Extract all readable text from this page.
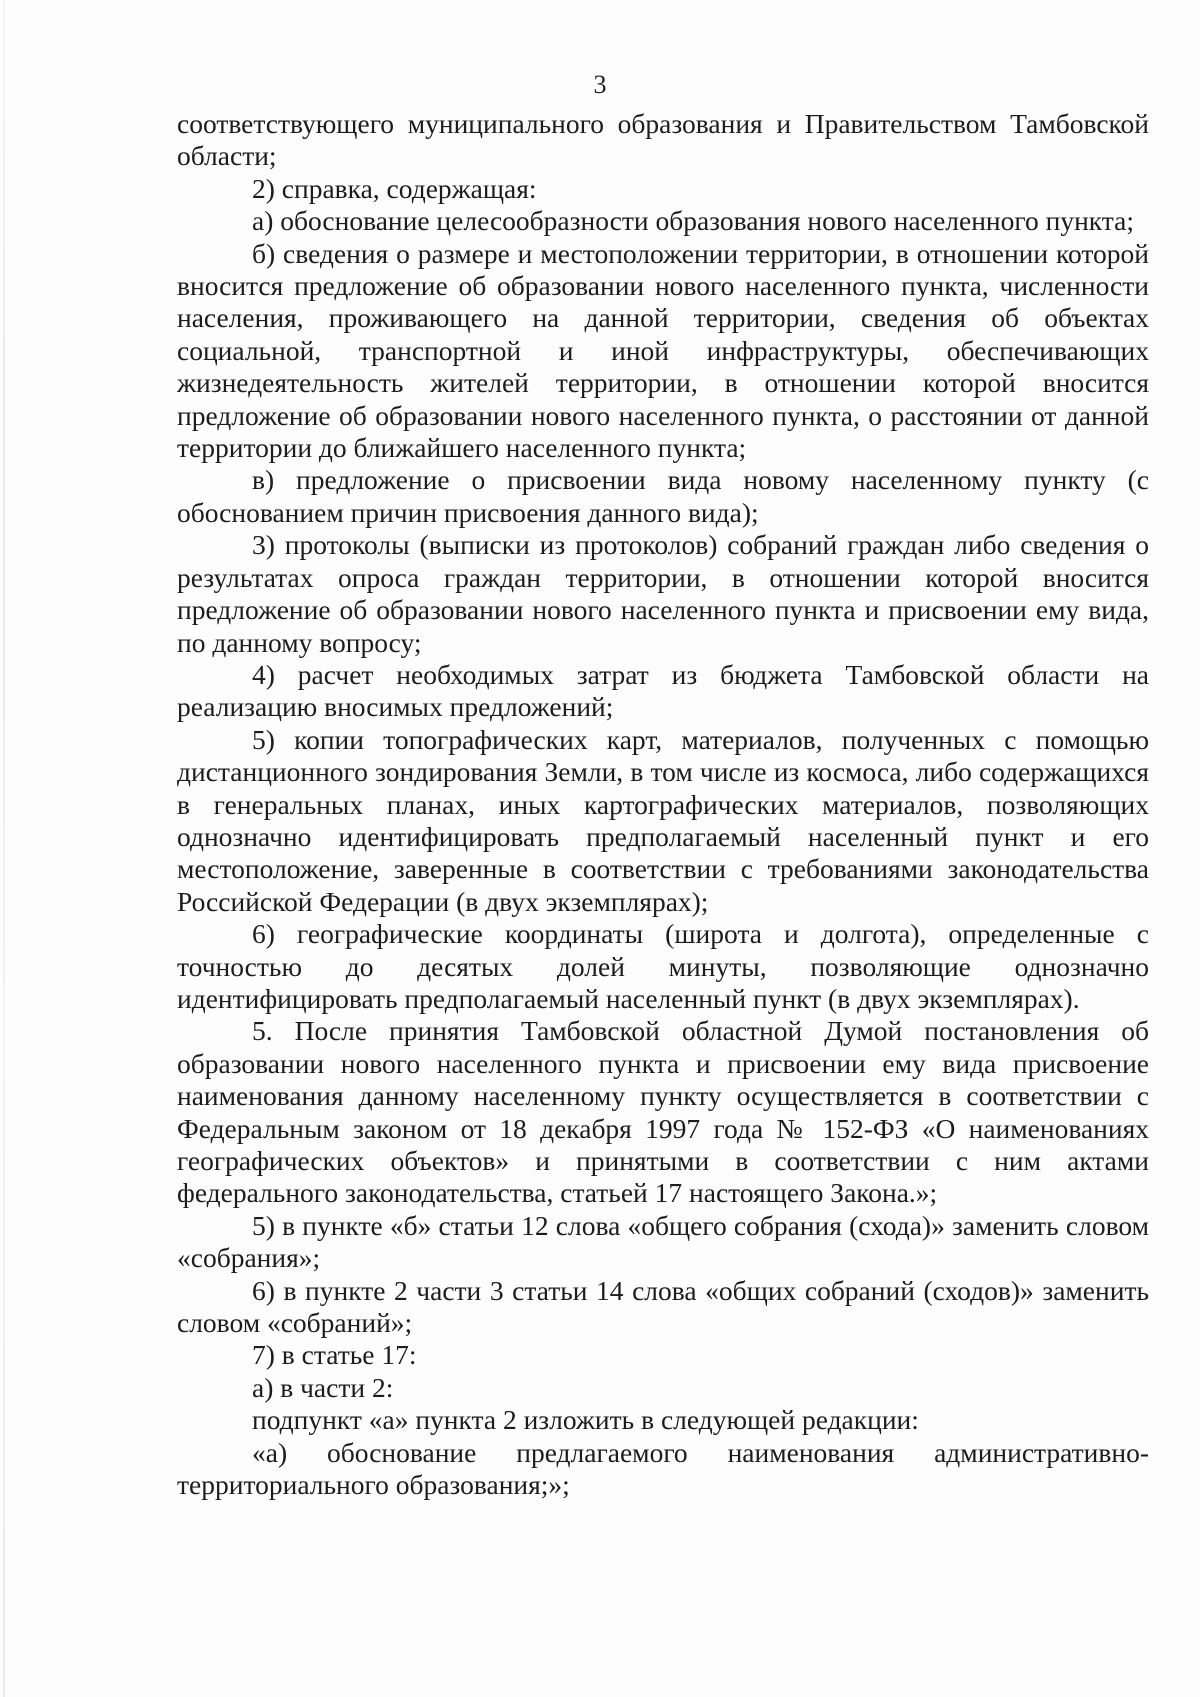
3

соответствующего муниципального образования и Правительством Тамбовской области;

2) справка, содержащая:

а) обоснование целесообразности образования нового населенного пункта;

б) сведения о размере и местоположении территории, в отношении которой вносится предложение об образовании нового населенного пункта, численности населения, проживающего на данной территории, сведения об объектах социальной, транспортной и иной инфраструктуры, обеспечивающих жизнедеятельность жителей территории, в отношении которой вносится предложение об образовании нового населенного пункта, о расстоянии от данной территории до ближайшего населенного пункта;

в) предложение о присвоении вида новому населенному пункту (с обоснованием причин присвоения данного вида);

3) протоколы (выписки из протоколов) собраний граждан либо сведения о результатах опроса граждан территории, в отношении которой вносится предложение об образовании нового населенного пункта и присвоении ему вида, по данному вопросу;

4) расчет необходимых затрат из бюджета Тамбовской области на реализацию вносимых предложений;

5) копии топографических карт, материалов, полученных с помощью дистанционного зондирования Земли, в том числе из космоса, либо содержащихся в генеральных планах, иных картографических материалов, позволяющих однозначно идентифицировать предполагаемый населенный пункт и его местоположение, заверенные в соответствии с требованиями законодательства Российской Федерации (в двух экземплярах);

6) географические координаты (широта и долгота), определенные с точностью до десятых долей минуты, позволяющие однозначно идентифицировать предполагаемый населенный пункт (в двух экземплярах).

5. После принятия Тамбовской областной Думой постановления об образовании нового населенного пункта и присвоении ему вида присвоение наименования данному населенному пункту осуществляется в соответствии с Федеральным законом от 18 декабря 1997 года № 152-ФЗ «О наименованиях географических объектов» и принятыми в соответствии с ним актами федерального законодательства, статьей 17 настоящего Закона.»;

5) в пункте «б» статьи 12 слова «общего собрания (схода)» заменить словом «собрания»;

6) в пункте 2 части 3 статьи 14 слова «общих собраний (сходов)» заменить словом «собраний»;

7) в статье 17:

а) в части 2:

подпункт «а» пункта 2 изложить в следующей редакции:

«а) обоснование предлагаемого наименования административно-территориального образования;»;
